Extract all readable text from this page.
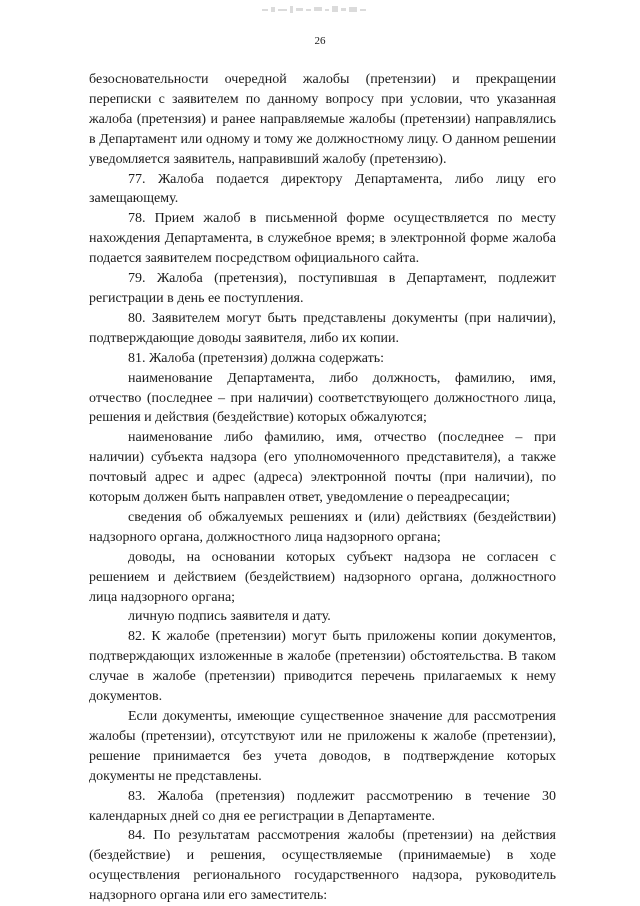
26

безосновательности очередной жалобы (претензии) и прекращении переписки с заявителем по данному вопросу при условии, что указанная жалоба (претензия) и ранее направляемые жалобы (претензии) направлялись в Департамент или одному и тому же должностному лицу. О данном решении уведомляется заявитель, направивший жалобу (претензию).

77. Жалоба подается директору Департамента, либо лицу его замещающему.

78. Прием жалоб в письменной форме осуществляется по месту нахождения Департамента, в служебное время; в электронной форме жалоба подается заявителем посредством официального сайта.

79. Жалоба (претензия), поступившая в Департамент, подлежит регистрации в день ее поступления.

80. Заявителем могут быть представлены документы (при наличии), подтверждающие доводы заявителя, либо их копии.

81. Жалоба (претензия) должна содержать:

наименование Департамента, либо должность, фамилию, имя, отчество (последнее – при наличии) соответствующего должностного лица, решения и действия (бездействие) которых обжалуются;

наименование либо фамилию, имя, отчество (последнее – при наличии) субъекта надзора (его уполномоченного представителя), а также почтовый адрес и адрес (адреса) электронной почты (при наличии), по которым должен быть направлен ответ, уведомление о переадресации;

сведения об обжалуемых решениях и (или) действиях (бездействии) надзорного органа, должностного лица надзорного органа;

доводы, на основании которых субъект надзора не согласен с решением и действием (бездействием) надзорного органа, должностного лица надзорного органа;

личную подпись заявителя и дату.

82. К жалобе (претензии) могут быть приложены копии документов, подтверждающих изложенные в жалобе (претензии) обстоятельства. В таком случае в жалобе (претензии) приводится перечень прилагаемых к нему документов.

Если документы, имеющие существенное значение для рассмотрения жалобы (претензии), отсутствуют или не приложены к жалобе (претензии), решение принимается без учета доводов, в подтверждение которых документы не представлены.

83. Жалоба (претензия) подлежит рассмотрению в течение 30 календарных дней со дня ее регистрации в Департаменте.

84. По результатам рассмотрения жалобы (претензии) на действия (бездействие) и решения, осуществляемые (принимаемые) в ходе осуществления регионального государственного надзора, руководитель надзорного органа или его заместитель:
